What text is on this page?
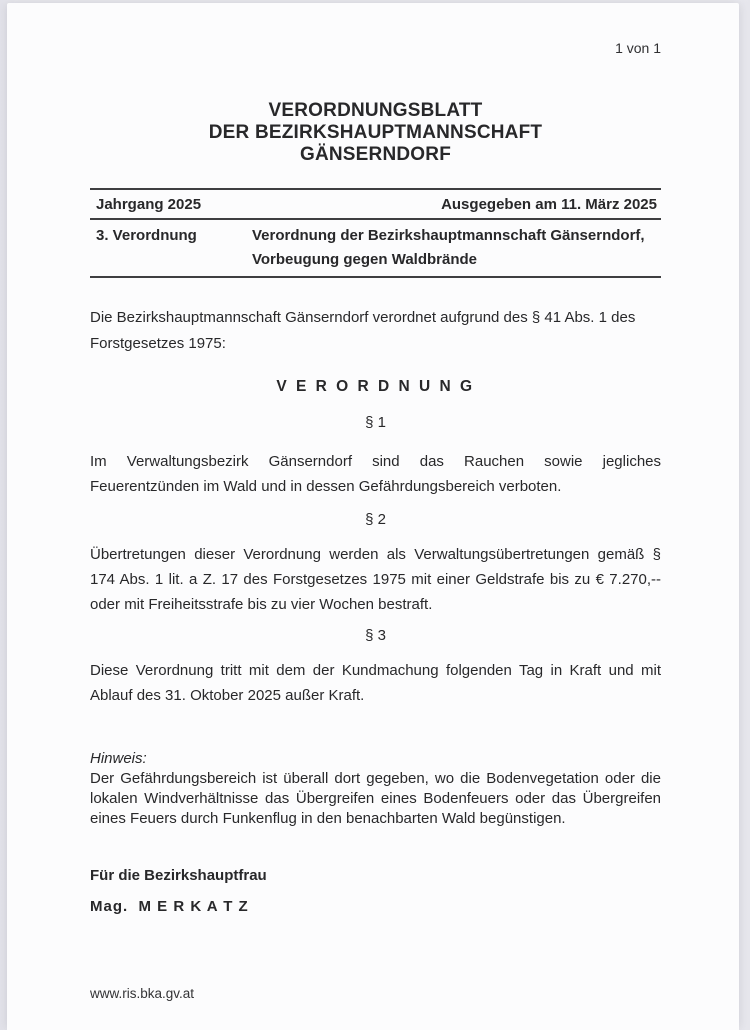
1 von 1
VERORDNUNGSBLATT
DER BEZIRKSHAUPTMANNSCHAFT
GÄNSERNDORF
Jahrgang 2025	Ausgegeben am 11. März 2025
3. Verordnung	Verordnung der Bezirkshauptmannschaft Gänserndorf,
Vorbeugung gegen Waldbrände
Die Bezirkshauptmannschaft Gänserndorf verordnet aufgrund des § 41 Abs. 1 des Forstgesetzes 1975:
V E R O R D N U N G
§ 1
Im Verwaltungsbezirk Gänserndorf sind das Rauchen sowie jegliches Feuerentzünden im Wald und in dessen Gefährdungsbereich verboten.
§ 2
Übertretungen dieser Verordnung werden als Verwaltungsübertretungen gemäß § 174 Abs. 1 lit. a Z. 17 des Forstgesetzes 1975 mit einer Geldstrafe bis zu € 7.270,-- oder mit Freiheitsstrafe bis zu vier Wochen bestraft.
§ 3
Diese Verordnung tritt mit dem der Kundmachung folgenden Tag in Kraft und mit Ablauf des 31. Oktober 2025 außer Kraft.
Hinweis:
Der Gefährdungsbereich ist überall dort gegeben, wo die Bodenvegetation oder die lokalen Windverhältnisse das Übergreifen eines Bodenfeuers oder das Übergreifen eines Feuers durch Funkenflug in den benachbarten Wald begünstigen.
Für die Bezirkshauptfrau
Mag.  M E R K A T Z
www.ris.bka.gv.at
